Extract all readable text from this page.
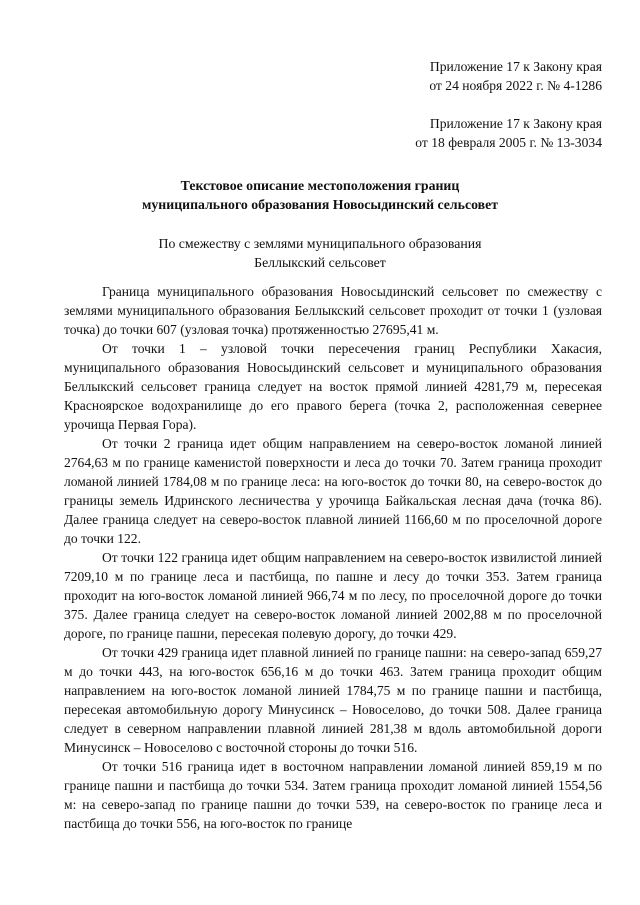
Приложение 17 к Закону края
от 24 ноября 2022 г. № 4-1286
Приложение 17 к Закону края
от 18 февраля 2005 г. № 13-3034
Текстовое описание местоположения границ
муниципального образования Новосыдинский сельсовет
По смежеству с землями муниципального образования
Беллыкский сельсовет

Граница муниципального образования Новосыдинский сельсовет по смежеству с землями муниципального образования Беллыкский сельсовет проходит от точки 1 (узловая точка) до точки 607 (узловая точка) протяженностью 27695,41 м.

От точки 1 – узловой точки пересечения границ Республики Хакасия, муниципального образования Новосыдинский сельсовет и муниципального образования Беллыкский сельсовет граница следует на восток прямой линией 4281,79 м, пересекая Красноярское водохранилище до его правого берега (точка 2, расположенная севернее урочища Первая Гора).

От точки 2 граница идет общим направлением на северо-восток ломаной линией 2764,63 м по границе каменистой поверхности и леса до точки 70. Затем граница проходит ломаной линией 1784,08 м по границе леса: на юго-восток до точки 80, на северо-восток до границы земель Идринского лесничества у урочища Байкальская лесная дача (точка 86). Далее граница следует на северо-восток плавной линией 1166,60 м по проселочной дороге до точки 122.

От точки 122 граница идет общим направлением на северо-восток извилистой линией 7209,10 м по границе леса и пастбища, по пашне и лесу до точки 353. Затем граница проходит на юго-восток ломаной линией 966,74 м по лесу, по проселочной дороге до точки 375. Далее граница следует на северо-восток ломаной линией 2002,88 м по проселочной дороге, по границе пашни, пересекая полевую дорогу, до точки 429.

От точки 429 граница идет плавной линией по границе пашни: на северо-запад 659,27 м до точки 443, на юго-восток 656,16 м до точки 463. Затем граница проходит общим направлением на юго-восток ломаной линией 1784,75 м по границе пашни и пастбища, пересекая автомобильную дорогу Минусинск – Новоселово, до точки 508. Далее граница следует в северном направлении плавной линией 281,38 м вдоль автомобильной дороги Минусинск – Новоселово с восточной стороны до точки 516.

От точки 516 граница идет в восточном направлении ломаной линией 859,19 м по границе пашни и пастбища до точки 534. Затем граница проходит ломаной линией 1554,56 м: на северо-запад по границе пашни до точки 539, на северо-восток по границе леса и пастбища до точки 556, на юго-восток по границе
